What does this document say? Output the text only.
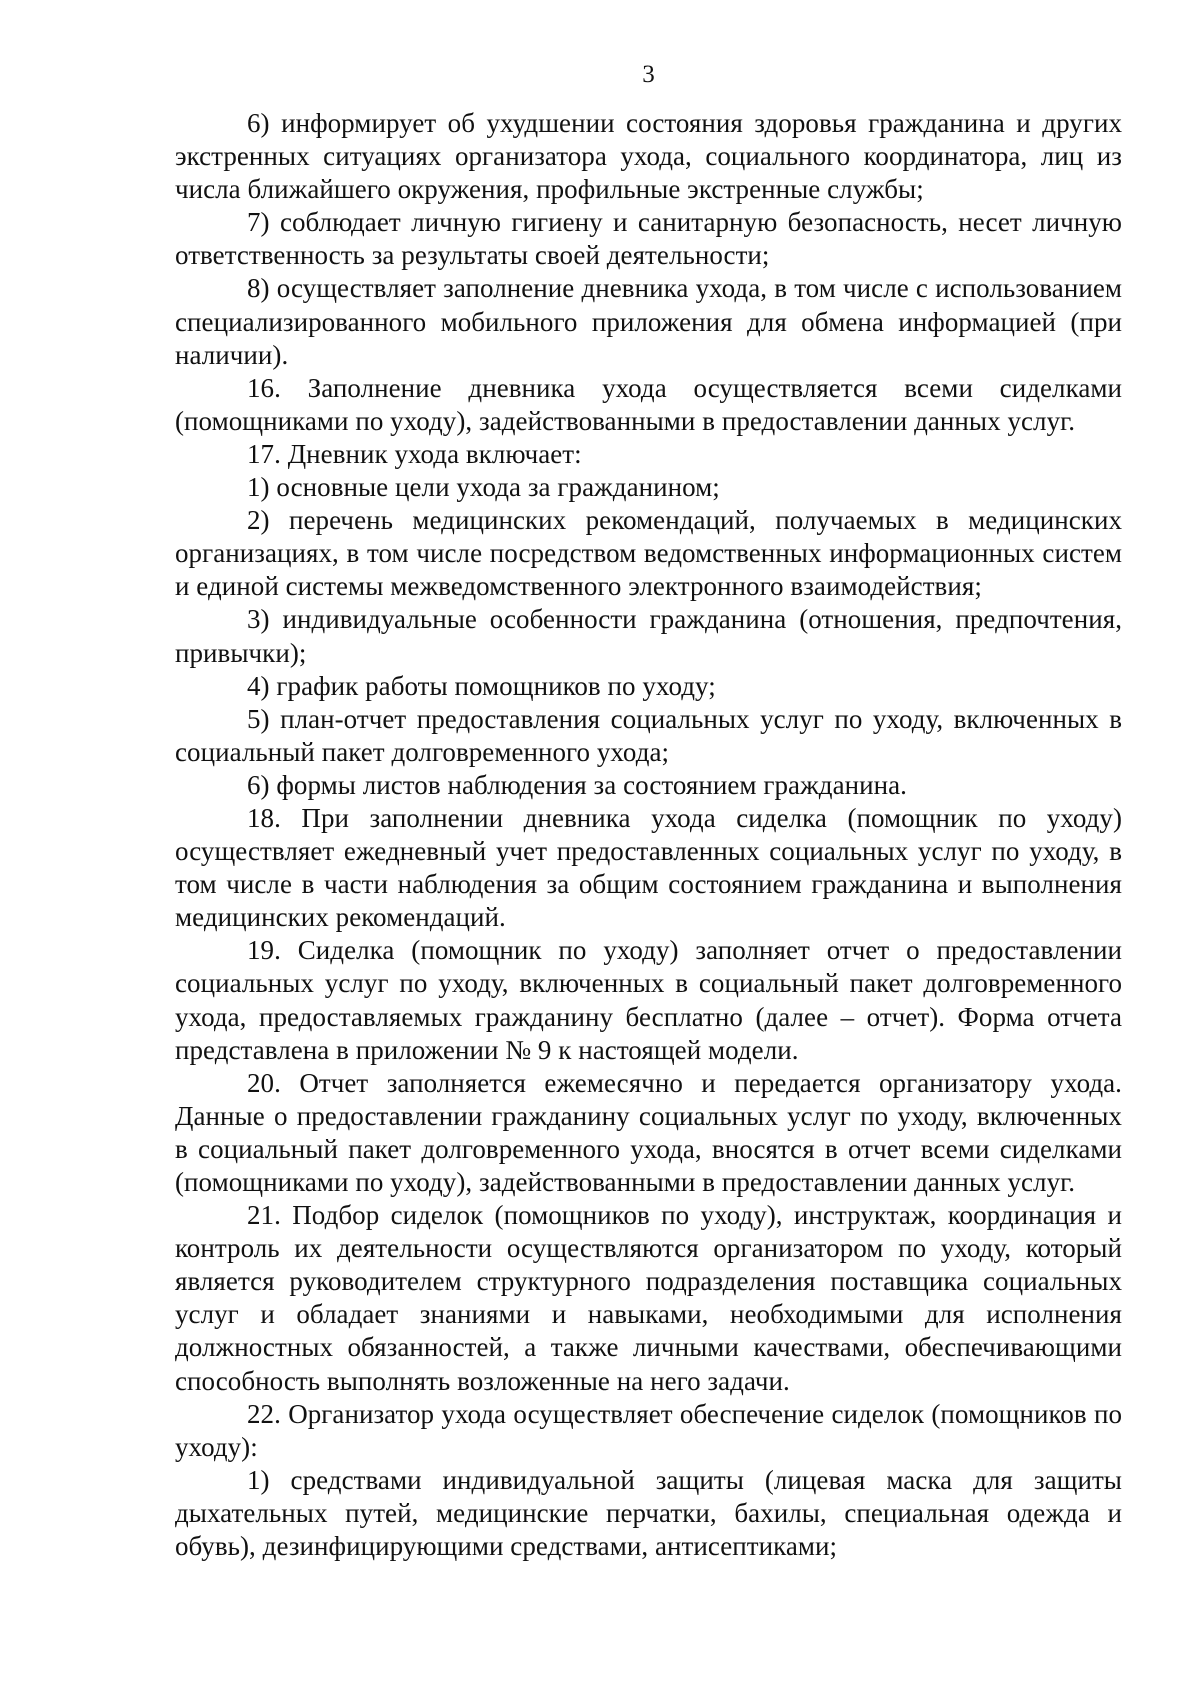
3

6) информирует об ухудшении состояния здоровья гражданина и других экстренных ситуациях организатора ухода, социального координатора, лиц из числа ближайшего окружения, профильные экстренные службы;

7) соблюдает личную гигиену и санитарную безопасность, несет личную ответственность за результаты своей деятельности;

8) осуществляет заполнение дневника ухода, в том числе с использованием специализированного мобильного приложения для обмена информацией (при наличии).

16. Заполнение дневника ухода осуществляется всеми сиделками (помощниками по уходу), задействованными в предоставлении данных услуг.

17. Дневник ухода включает:

1) основные цели ухода за гражданином;

2) перечень медицинских рекомендаций, получаемых в медицинских организациях, в том числе посредством ведомственных информационных систем и единой системы межведомственного электронного взаимодействия;

3) индивидуальные особенности гражданина (отношения, предпочтения, привычки);

4) график работы помощников по уходу;

5) план-отчет предоставления социальных услуг по уходу, включенных в социальный пакет долговременного ухода;

6) формы листов наблюдения за состоянием гражданина.

18. При заполнении дневника ухода сиделка (помощник по уходу) осуществляет ежедневный учет предоставленных социальных услуг по уходу, в том числе в части наблюдения за общим состоянием гражданина и выполнения медицинских рекомендаций.

19. Сиделка (помощник по уходу) заполняет отчет о предоставлении социальных услуг по уходу, включенных в социальный пакет долговременного ухода, предоставляемых гражданину бесплатно (далее – отчет). Форма отчета представлена в приложении № 9 к настоящей модели.

20. Отчет заполняется ежемесячно и передается организатору ухода. Данные о предоставлении гражданину социальных услуг по уходу, включенных в социальный пакет долговременного ухода, вносятся в отчет всеми сиделками (помощниками по уходу), задействованными в предоставлении данных услуг.

21. Подбор сиделок (помощников по уходу), инструктаж, координация и контроль их деятельности осуществляются организатором по уходу, который является руководителем структурного подразделения поставщика социальных услуг и обладает знаниями и навыками, необходимыми для исполнения должностных обязанностей, а также личными качествами, обеспечивающими способность выполнять возложенные на него задачи.

22. Организатор ухода осуществляет обеспечение сиделок (помощников по уходу):

1) средствами индивидуальной защиты (лицевая маска для защиты дыхательных путей, медицинские перчатки, бахилы, специальная одежда и обувь), дезинфицирующими средствами, антисептиками;
